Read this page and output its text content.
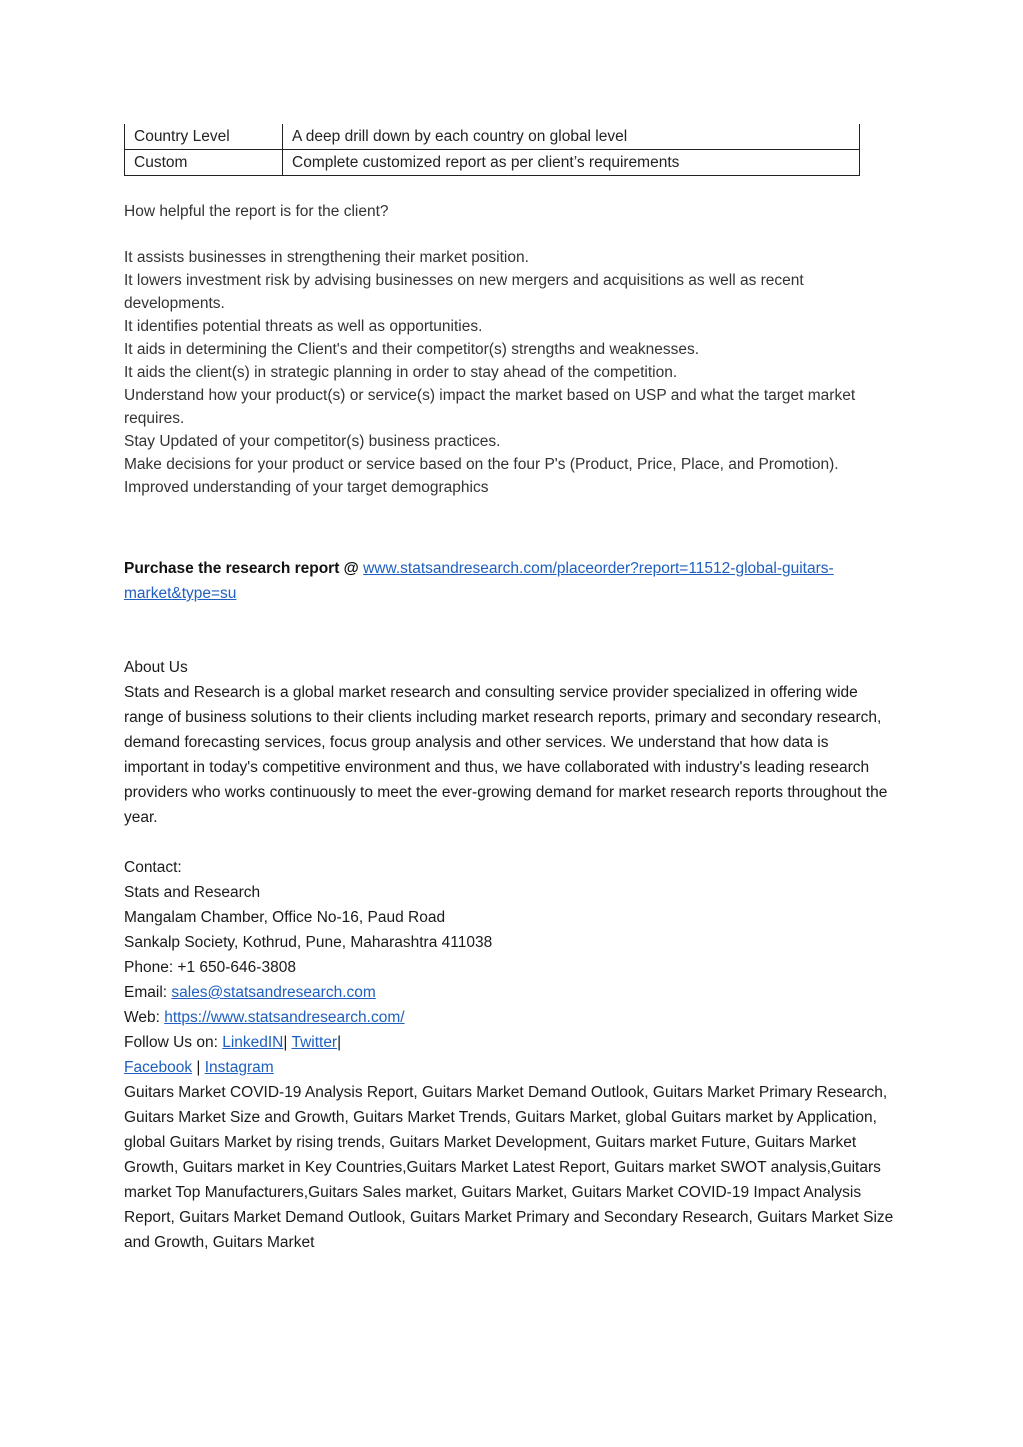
Country Level	A deep drill down by each country on global level
Custom	Complete customized report as per client’s requirements

How helpful the report is for the client?

It assists businesses in strengthening their market position.

It lowers investment risk by advising businesses on new mergers and acquisitions as well as recent developments.

It identifies potential threats as well as opportunities.

It aids in determining the Client's and their competitor(s) strengths and weaknesses.

It aids the client(s) in strategic planning in order to stay ahead of the competition.

Understand how your product(s) or service(s) impact the market based on USP and what the target market requires.

Stay Updated of your competitor(s) business practices.

Make decisions for your product or service based on the four P's (Product, Price, Place, and Promotion).

Improved understanding of your target demographics

Purchase the research report @ www.statsandresearch.com/placeorder?report=11512-global-guitars-market&type=su

About Us

Stats and Research is a global market research and consulting service provider specialized in offering wide range of business solutions to their clients including market research reports, primary and secondary research, demand forecasting services, focus group analysis and other services. We understand that how data is important in today's competitive environment and thus, we have collaborated with industry's leading research providers who works continuously to meet the ever-growing demand for market research reports throughout the year.

Contact:
Stats and Research
Mangalam Chamber, Office No-16, Paud Road
Sankalp Society, Kothrud, Pune, Maharashtra 411038
Phone: +1 650-646-3808
Email: sales@statsandresearch.com
Web: https://www.statsandresearch.com/
Follow Us on: LinkedIN| Twitter|
Facebook | Instagram

Guitars Market COVID-19 Analysis Report, Guitars Market Demand Outlook, Guitars Market Primary Research, Guitars Market Size and Growth, Guitars Market Trends, Guitars Market, global Guitars market by Application, global Guitars Market by rising trends, Guitars Market Development, Guitars market Future, Guitars Market Growth, Guitars market in Key Countries,Guitars Market Latest Report, Guitars market SWOT analysis,Guitars market Top Manufacturers,Guitars Sales market, Guitars Market, Guitars Market COVID-19 Impact Analysis Report, Guitars Market Demand Outlook, Guitars Market Primary and Secondary Research, Guitars Market Size and Growth, Guitars Market
